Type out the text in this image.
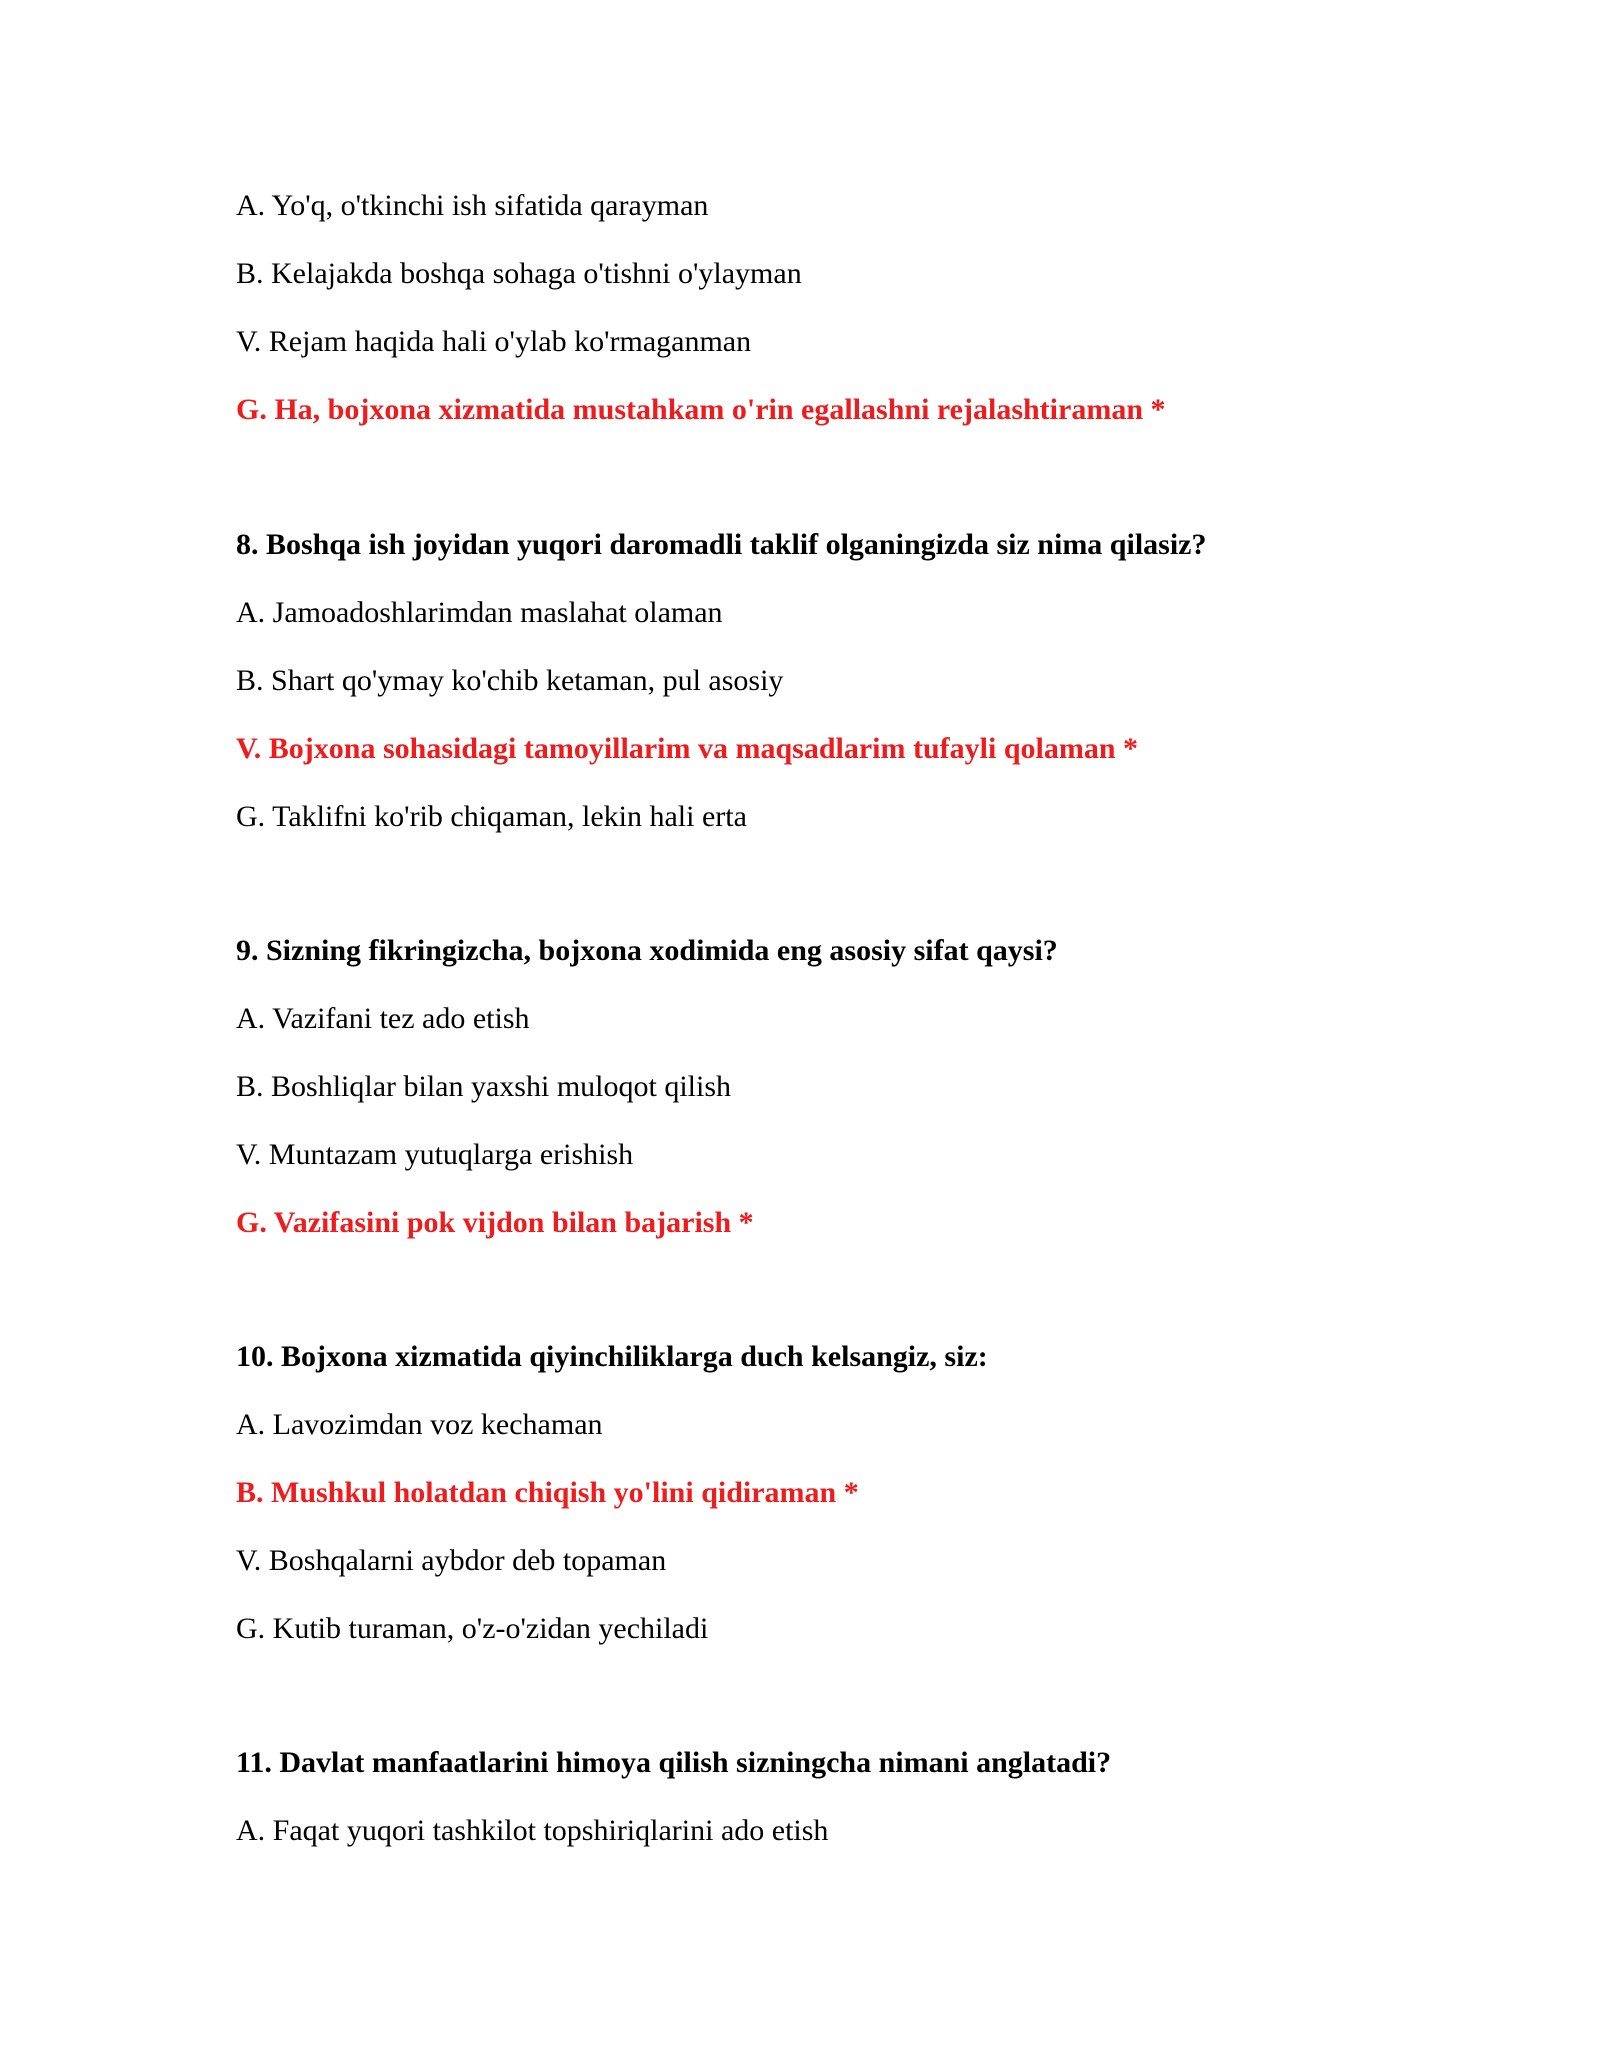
A. Yo'q, o'tkinchi ish sifatida qarayman
B. Kelajakda boshqa sohaga o'tishni o'ylayman
V. Rejam haqida hali o'ylab ko'rmaganman
G. Ha, bojxona xizmatida mustahkam o'rin egallashni rejalashtiraman *
8. Boshqa ish joyidan yuqori daromadli taklif olganingizda siz nima qilasiz?
A. Jamoadoshlarimdan maslahat olaman
B. Shart qo'ymay ko'chib ketaman, pul asosiy
V. Bojxona sohasidagi tamoyillarim va maqsadlarim tufayli qolaman *
G. Taklifni ko'rib chiqaman, lekin hali erta
9. Sizning fikringizcha, bojxona xodimida eng asosiy sifat qaysi?
A. Vazifani tez ado etish
B. Boshliqlar bilan yaxshi muloqot qilish
V. Muntazam yutuqlarga erishish
G. Vazifasini pok vijdon bilan bajarish *
10. Bojxona xizmatida qiyinchiliklarga duch kelsangiz, siz:
A. Lavozimdan voz kechaman
B. Mushkul holatdan chiqish yo'lini qidiraman *
V. Boshqalarni aybdor deb topaman
G. Kutib turaman, o'z-o'zidan yechiladi
11. Davlat manfaatlarini himoya qilish sizningcha nimani anglatadi?
A. Faqat yuqori tashkilot topshiriqlarini ado etish
